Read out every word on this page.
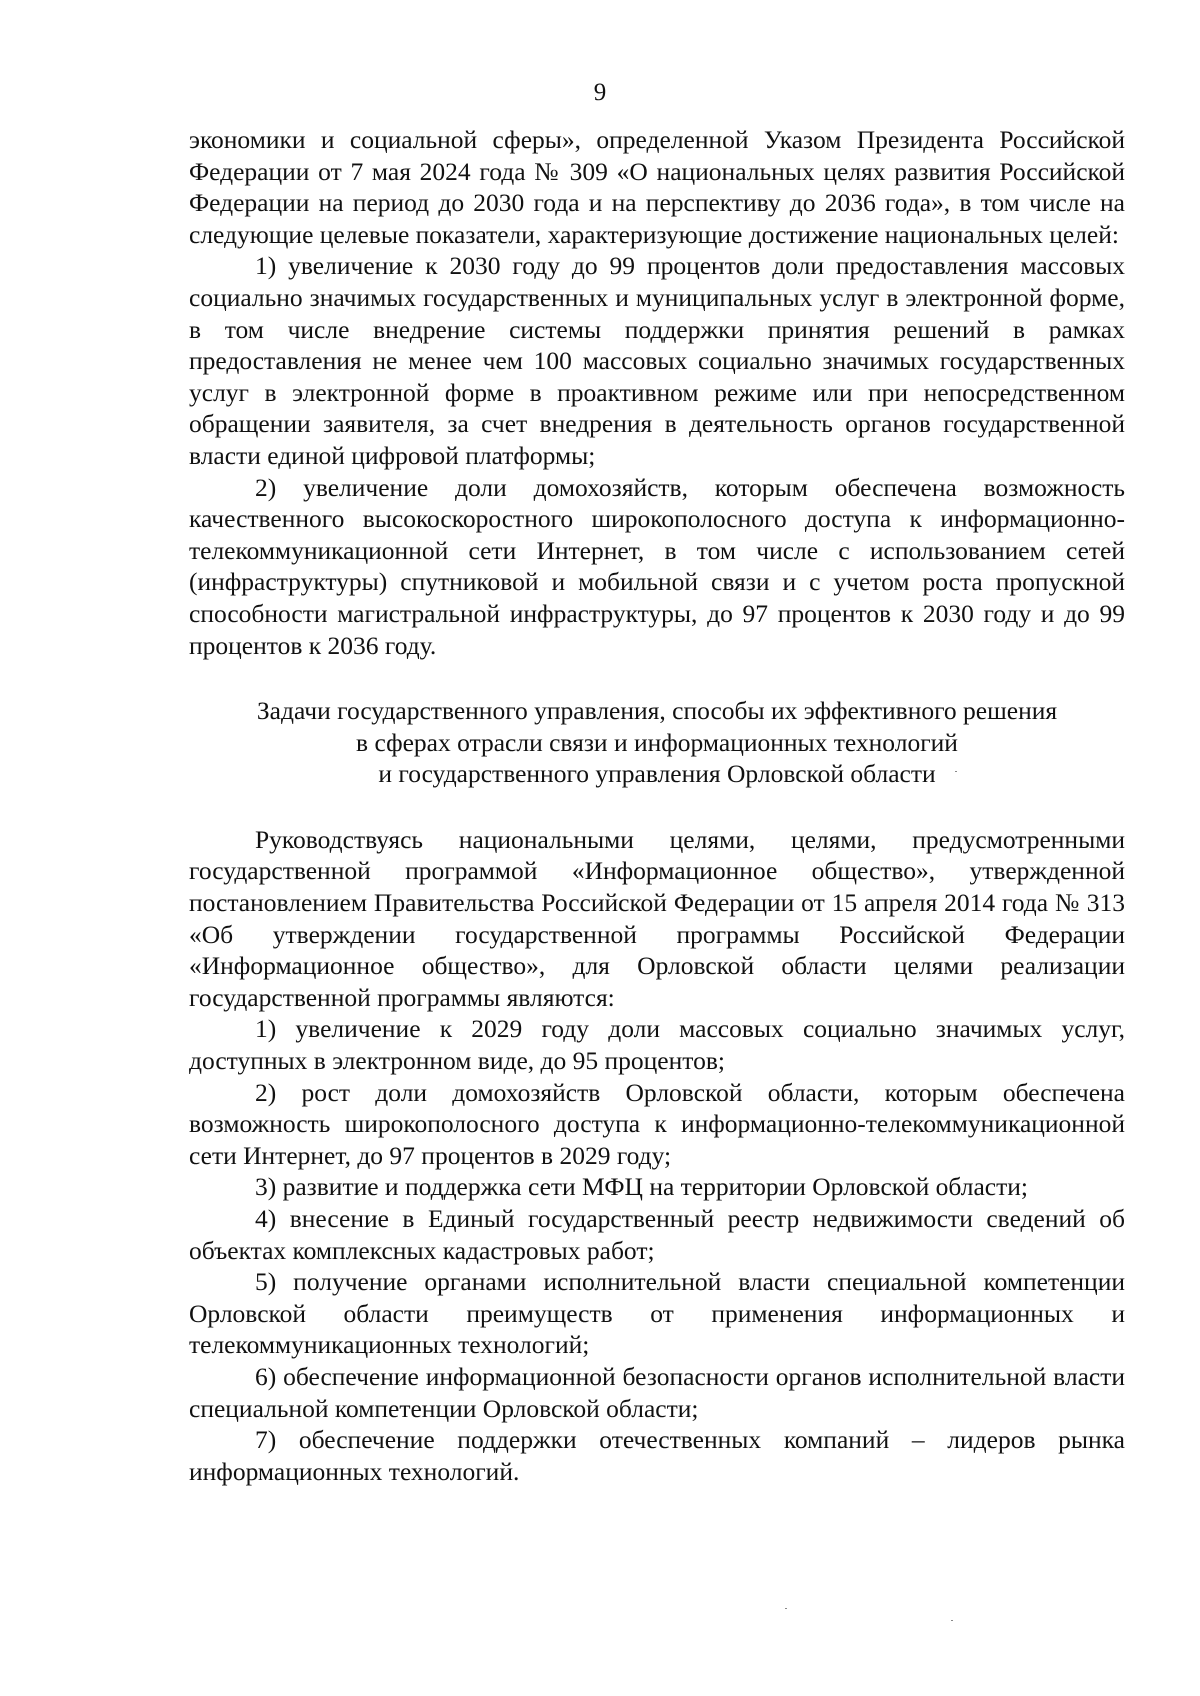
9

экономики и социальной сферы», определенной Указом Президента Российской Федерации от 7 мая 2024 года № 309 «О национальных целях развития Российской Федерации на период до 2030 года и на перспективу до 2036 года», в том числе на следующие целевые показатели, характеризующие достижение национальных целей:

1) увеличение к 2030 году до 99 процентов доли предоставления массовых социально значимых государственных и муниципальных услуг в электронной форме, в том числе внедрение системы поддержки принятия решений в рамках предоставления не менее чем 100 массовых социально значимых государственных услуг в электронной форме в проактивном режиме или при непосредственном обращении заявителя, за счет внедрения в деятельность органов государственной власти единой цифровой платформы;

2) увеличение доли домохозяйств, которым обеспечена возможность качественного высокоскоростного широкополосного доступа к информационно-телекоммуникационной сети Интернет, в том числе с использованием сетей (инфраструктуры) спутниковой и мобильной связи и с учетом роста пропускной способности магистральной инфраструктуры, до 97 процентов к 2030 году и до 99 процентов к 2036 году.

Задачи государственного управления, способы их эффективного решения
в сферах отрасли связи и информационных технологий
и государственного управления Орловской области

Руководствуясь национальными целями, целями, предусмотренными государственной программой «Информационное общество», утвержденной постановлением Правительства Российской Федерации от 15 апреля 2014 года № 313 «Об утверждении государственной программы Российской Федерации «Информационное общество», для Орловской области целями реализации государственной программы являются:

1) увеличение к 2029 году доли массовых социально значимых услуг, доступных в электронном виде, до 95 процентов;

2) рост доли домохозяйств Орловской области, которым обеспечена возможность широкополосного доступа к информационно-телекоммуникационной сети Интернет, до 97 процентов в 2029 году;

3) развитие и поддержка сети МФЦ на территории Орловской области;

4) внесение в Единый государственный реестр недвижимости сведений об объектах комплексных кадастровых работ;

5) получение органами исполнительной власти специальной компетенции Орловской области преимуществ от применения информационных и телекоммуникационных технологий;

6) обеспечение информационной безопасности органов исполнительной власти специальной компетенции Орловской области;

7) обеспечение поддержки отечественных компаний – лидеров рынка информационных технологий.
